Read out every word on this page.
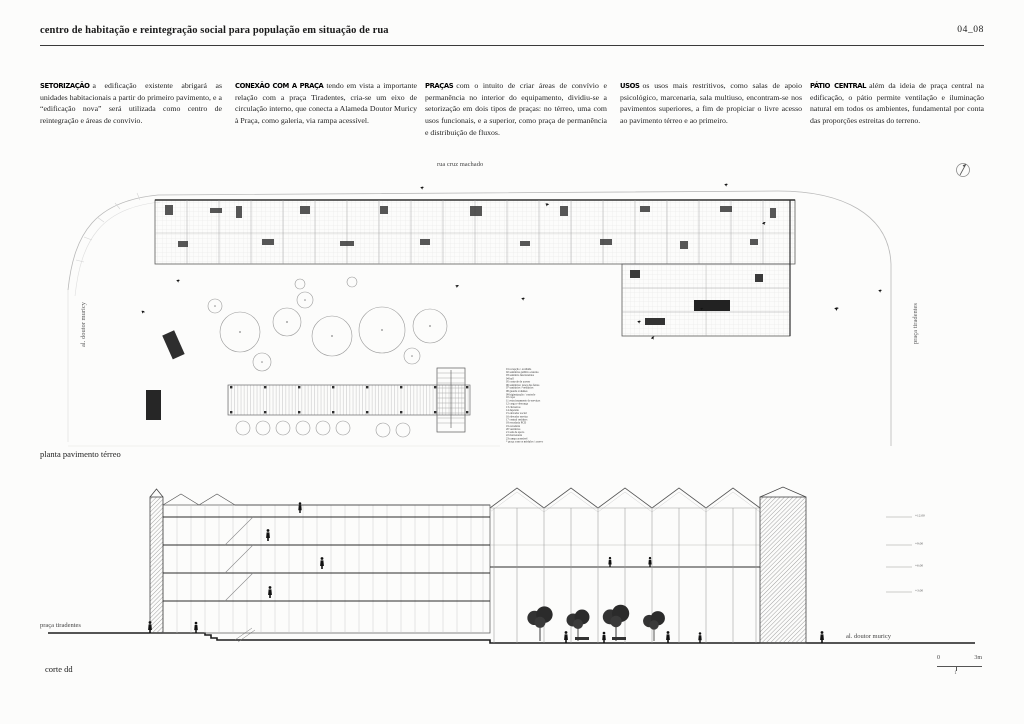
centro de habitação e reintegração social para população em situação de rua	04_08
SETORIZAÇÃO a edificação existente abrigará as unidades habitacionais a partir do primeiro pavimento, e a “edificação nova” será utilizada como centro de reintegração e áreas de convívio.
CONEXÃO COM A PRAÇA tendo em vista a importante relação com a praça Tiradentes, cria-se um eixo de circulação interno, que conecta a Alameda Doutor Muricy à Praça, como galeria, via rampa acessível.
PRAÇAS com o intuito de criar áreas de convívio e permanência no interior do equipamento, dividiu-se a setorização em dois tipos de praças: no térreo, uma com usos funcionais, e a superior, como praça de permanência e distribuição de fluxos.
USOS os usos mais restritivos, como salas de apoio psicológico, marcenaria, sala multiuso, encontram-se nos pavimentos superiores, a fim de propiciar o livre acesso ao pavimento térreo e ao primeiro.
PÁTIO CENTRAL além da ideia de praça central na edificação, o pátio permite ventilação e iluminação natural em todos os ambientes, fundamental por conta das proporções estreitas do terreno.
rua cruz machado
al. doutor muricy	praça tiradentes
01 recepção / acolhida
02 sanitários público externo
03 sanitário funcionários
04 hall
05 controle de acesso
06 sanitários: praça das feiras
07 sanitários / vestiários
08 guarda volumes
09 higienização / controle
10 copa
11 estacionamento de serviços
12 carga e descarga
13 chuveiros
14 depósito
15 elevador social
16 elevador serviço
17 central resíduos
18 escadaria PCD
19 escadaria
20 vestiários
21 sala de apoio
22 marcenaria
23 rampa acessível
* praça com os módulos / acervo
planta pavimento térreo
praça tiradentes
al. doutor muricy
corte dd
+12.00
+9.00
+6.00
+3.00
0	3m
1
